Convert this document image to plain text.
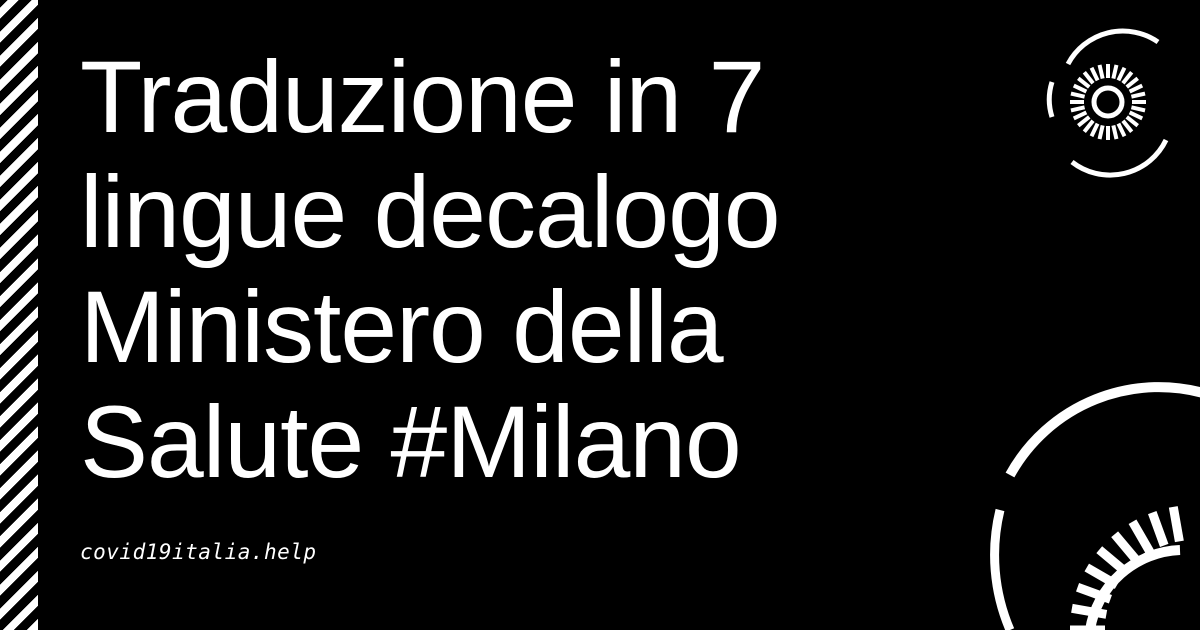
Traduzione in 7
lingue decalogo
Ministero della
Salute #Milano
covid19italia.help
